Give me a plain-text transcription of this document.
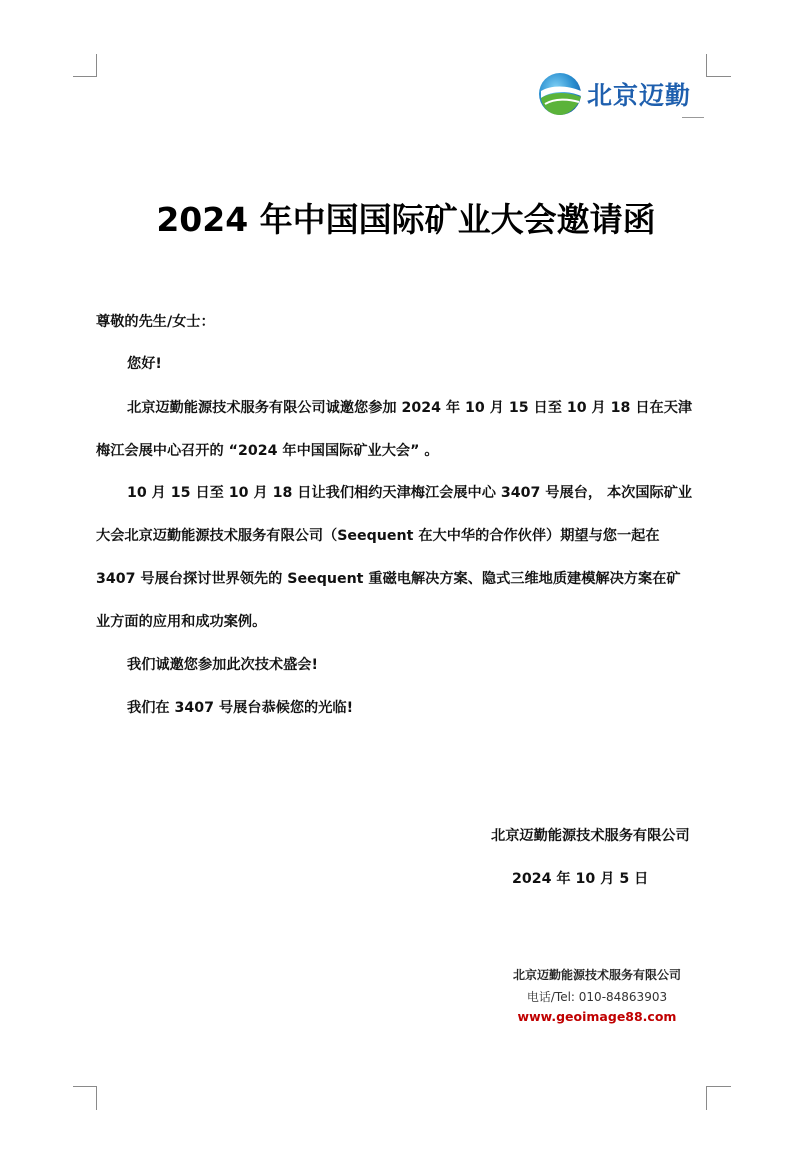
北京迈勤
2024 年中国国际矿业大会邀请函
尊敬的先生/女士：
您好!
北京迈勤能源技术服务有限公司诚邀您参加 2024 年 10 月 15 日至 10 月 18 日在天津
梅江会展中心召开的 “2024 年中国国际矿业大会” 。
10 月 15 日至 10 月 18 日让我们相约天津梅江会展中心 3407 号展台， 本次国际矿业
大会北京迈勤能源技术服务有限公司（Seequent 在大中华的合作伙伴）期望与您一起在
3407 号展台探讨世界领先的 Seequent 重磁电解决方案、隐式三维地质建模解决方案在矿
业方面的应用和成功案例。
我们诚邀您参加此次技术盛会!
我们在 3407 号展台恭候您的光临!
北京迈勤能源技术服务有限公司
2024 年 10 月 5 日
北京迈勤能源技术服务有限公司
电话/Tel: 010-84863903
www.geoimage88.com
